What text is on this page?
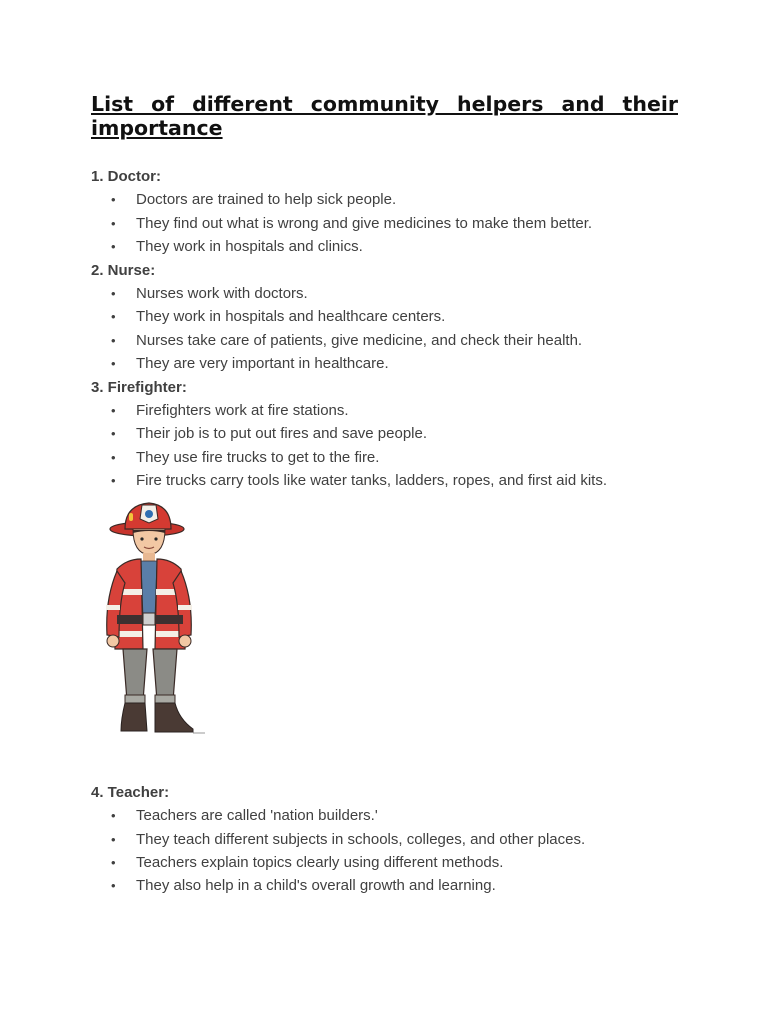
List of different community helpers and their importance

1. Doctor:

• Doctors are trained to help sick people.
• They find out what is wrong and give medicines to make them better.
• They work in hospitals and clinics.

2. Nurse:

• Nurses work with doctors.
• They work in hospitals and healthcare centers.
• Nurses take care of patients, give medicine, and check their health.
• They are very important in healthcare.

3. Firefighter:

• Firefighters work at fire stations.
• Their job is to put out fires and save people.
• They use fire trucks to get to the fire.
• Fire trucks carry tools like water tanks, ladders, ropes, and first aid kits.

4. Teacher:

• Teachers are called 'nation builders.'
• They teach different subjects in schools, colleges, and other places.
• Teachers explain topics clearly using different methods.
• They also help in a child's overall growth and learning.
